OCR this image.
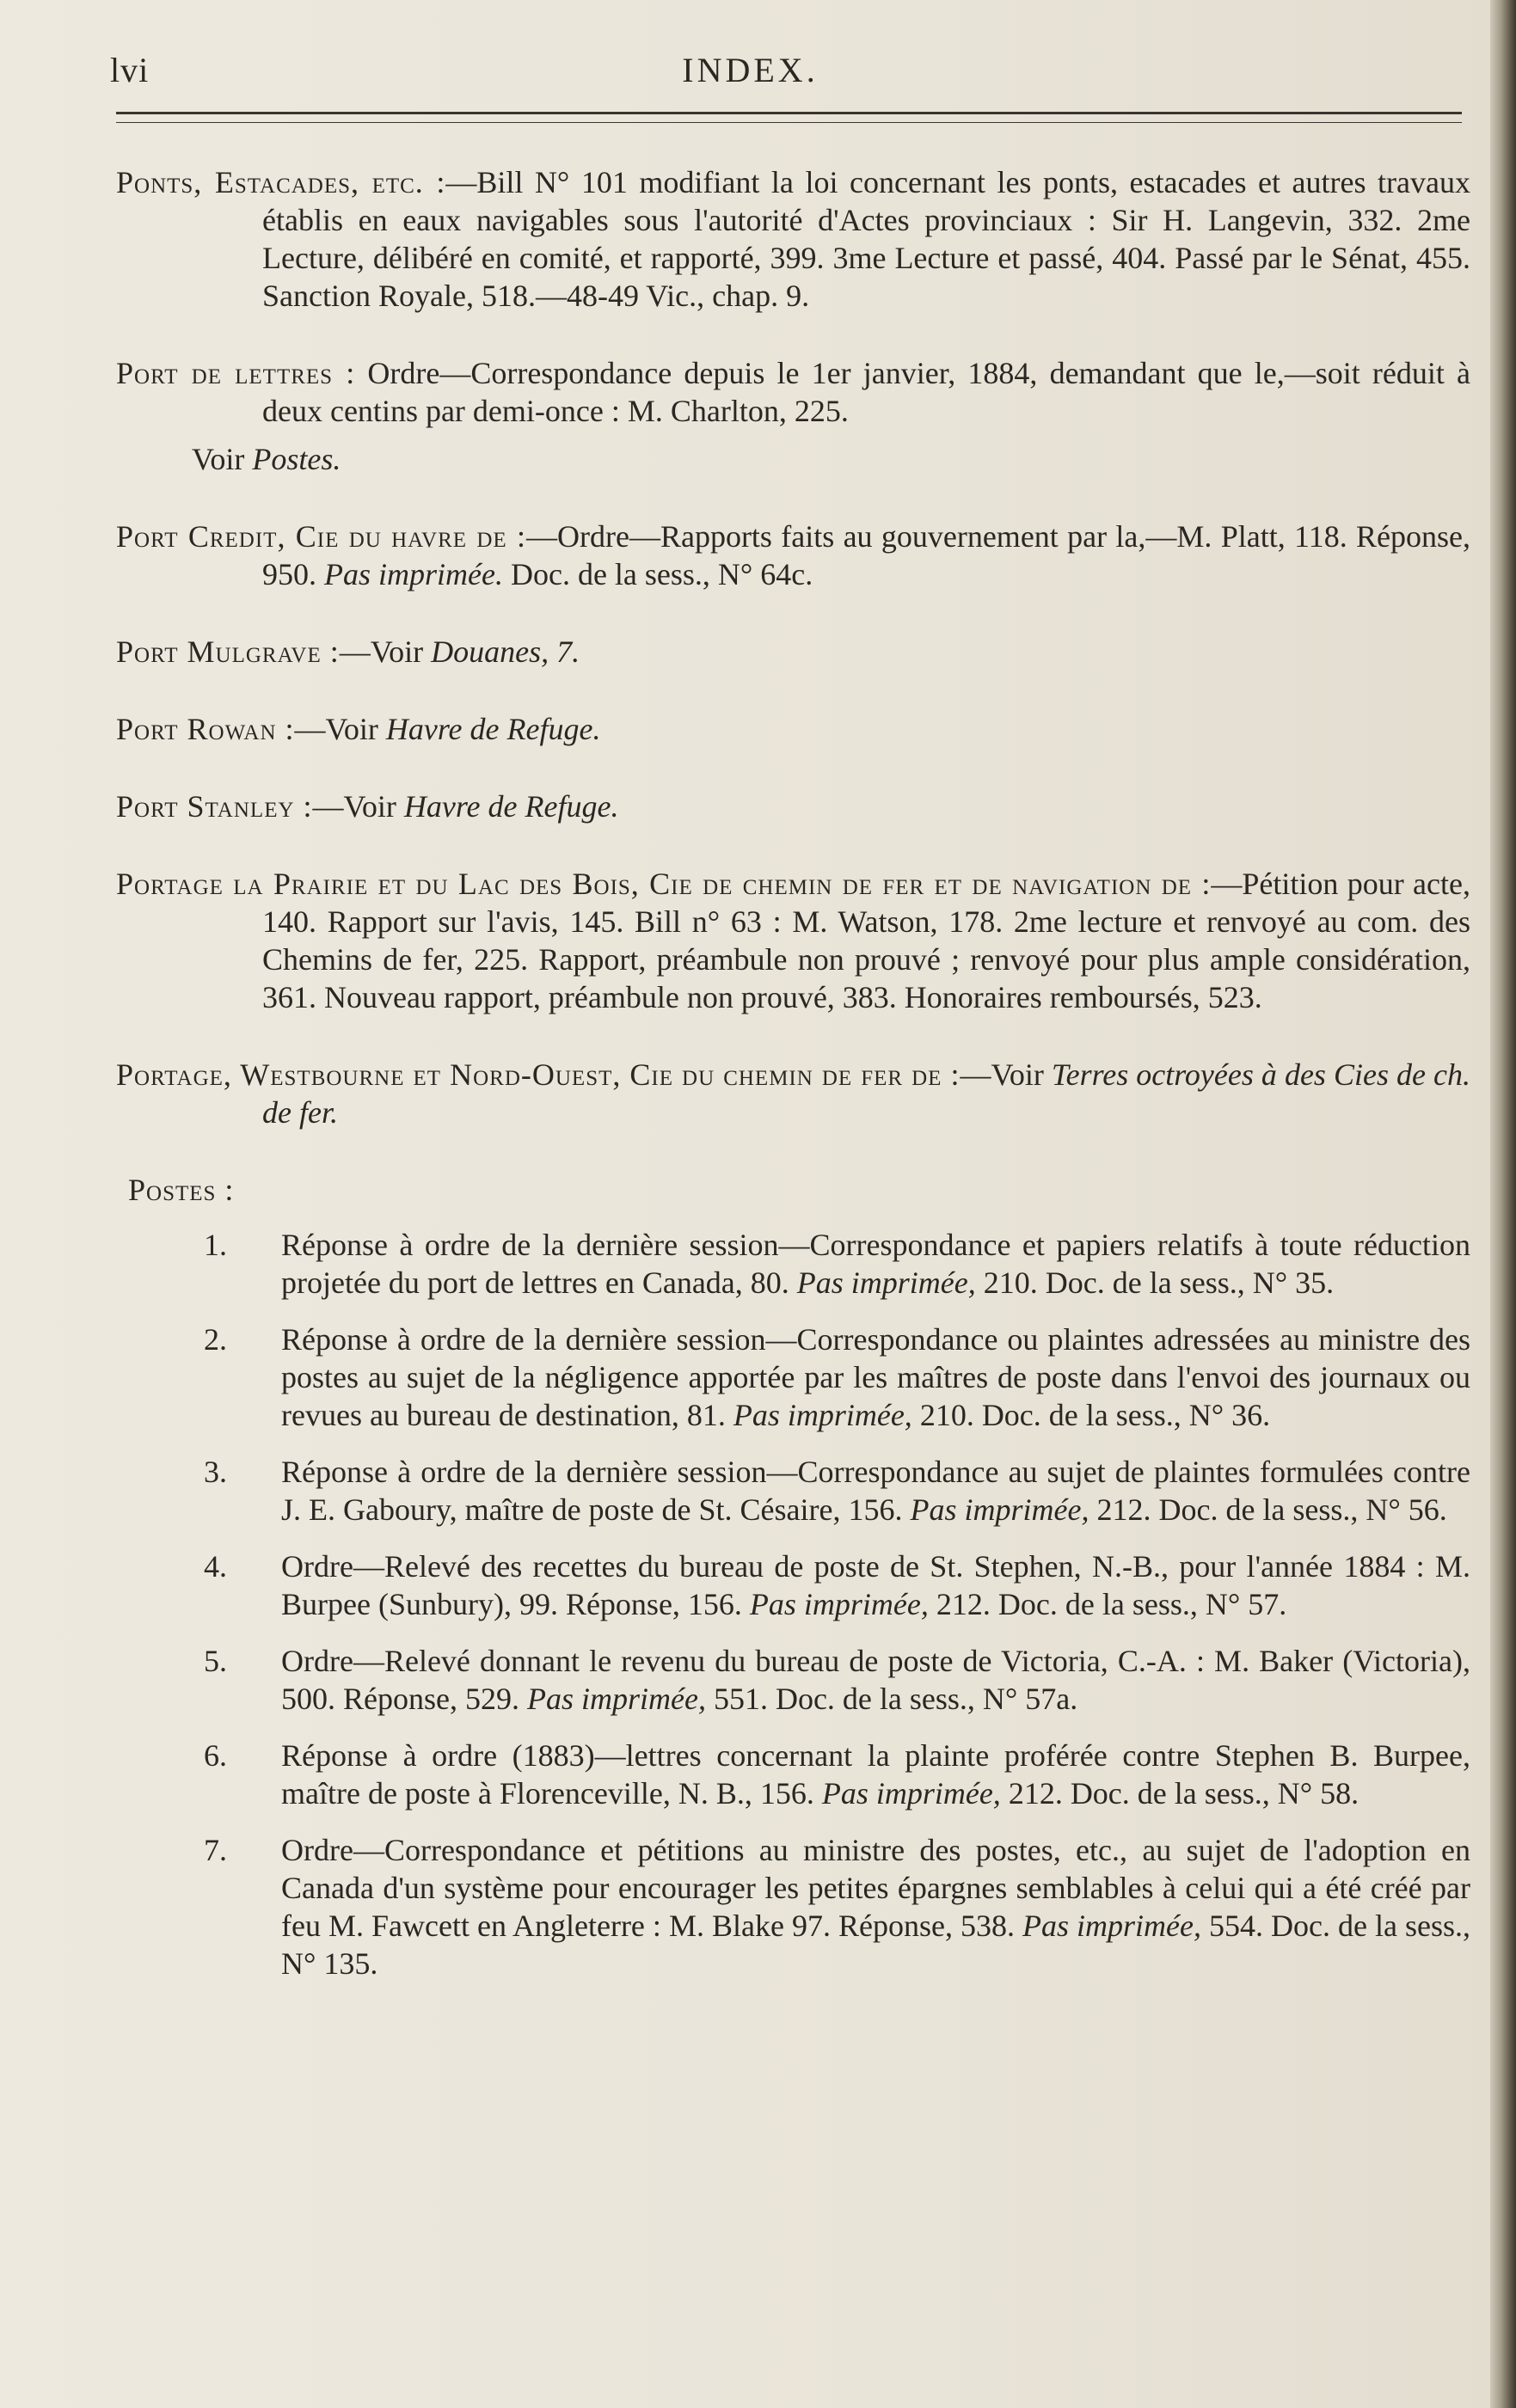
lvi	INDEX.

Ponts, Estacades, etc. :—Bill N° 101 modifiant la loi concernant les ponts, estacades et autres travaux établis en eaux navigables sous l'autorité d'Actes provinciaux : Sir H. Langevin, 332. 2me Lecture, délibéré en comité, et rapporté, 399. 3me Lecture et passé, 404. Passé par le Sénat, 455. Sanction Royale, 518.—48-49 Vic., chap. 9.

Port de lettres : Ordre—Correspondance depuis le 1er janvier, 1884, demandant que le,—soit réduit à deux centins par demi-once : M. Charlton, 225.

Voir Postes.

Port Credit, Cie du havre de :—Ordre—Rapports faits au gouvernement par la,—M. Platt, 118. Réponse, 950. Pas imprimée. Doc. de la sess., N° 64c.

Port Mulgrave :—Voir Douanes, 7.

Port Rowan :—Voir Havre de Refuge.

Port Stanley :—Voir Havre de Refuge.

Portage la Prairie et du Lac des Bois, Cie de chemin de fer et de navigation de :—Pétition pour acte, 140. Rapport sur l'avis, 145. Bill n° 63 : M. Watson, 178. 2me lecture et renvoyé au com. des Chemins de fer, 225. Rapport, préambule non prouvé ; renvoyé pour plus ample considération, 361. Nouveau rapport, préambule non prouvé, 383. Honoraires remboursés, 523.

Portage, Westbourne et Nord-Ouest, Cie du chemin de fer de :—Voir Terres octroyées à des Cies de ch. de fer.

Postes :

1. Réponse à ordre de la dernière session—Correspondance et papiers relatifs à toute réduction projetée du port de lettres en Canada, 80. Pas imprimée, 210. Doc. de la sess., N° 35.

2. Réponse à ordre de la dernière session—Correspondance ou plaintes adressées au ministre des postes au sujet de la négligence apportée par les maîtres de poste dans l'envoi des journaux ou revues au bureau de destination, 81. Pas imprimée, 210. Doc. de la sess., N° 36.

3. Réponse à ordre de la dernière session—Correspondance au sujet de plaintes formulées contre J. E. Gaboury, maître de poste de St. Césaire, 156. Pas imprimée, 212. Doc. de la sess., N° 56.

4. Ordre—Relevé des recettes du bureau de poste de St. Stephen, N.-B., pour l'année 1884 : M. Burpee (Sunbury), 99. Réponse, 156. Pas imprimée, 212. Doc. de la sess., N° 57.

5. Ordre—Relevé donnant le revenu du bureau de poste de Victoria, C.-A. : M. Baker (Victoria), 500. Réponse, 529. Pas imprimée, 551. Doc. de la sess., N° 57a.

6. Réponse à ordre (1883)—lettres concernant la plainte proférée contre Stephen B. Burpee, maître de poste à Florenceville, N. B., 156. Pas imprimée, 212. Doc. de la sess., N° 58.

7. Ordre—Correspondance et pétitions au ministre des postes, etc., au sujet de l'adoption en Canada d'un système pour encourager les petites épargnes semblables à celui qui a été créé par feu M. Fawcett en Angleterre : M. Blake 97. Réponse, 538. Pas imprimée, 554. Doc. de la sess., N° 135.
